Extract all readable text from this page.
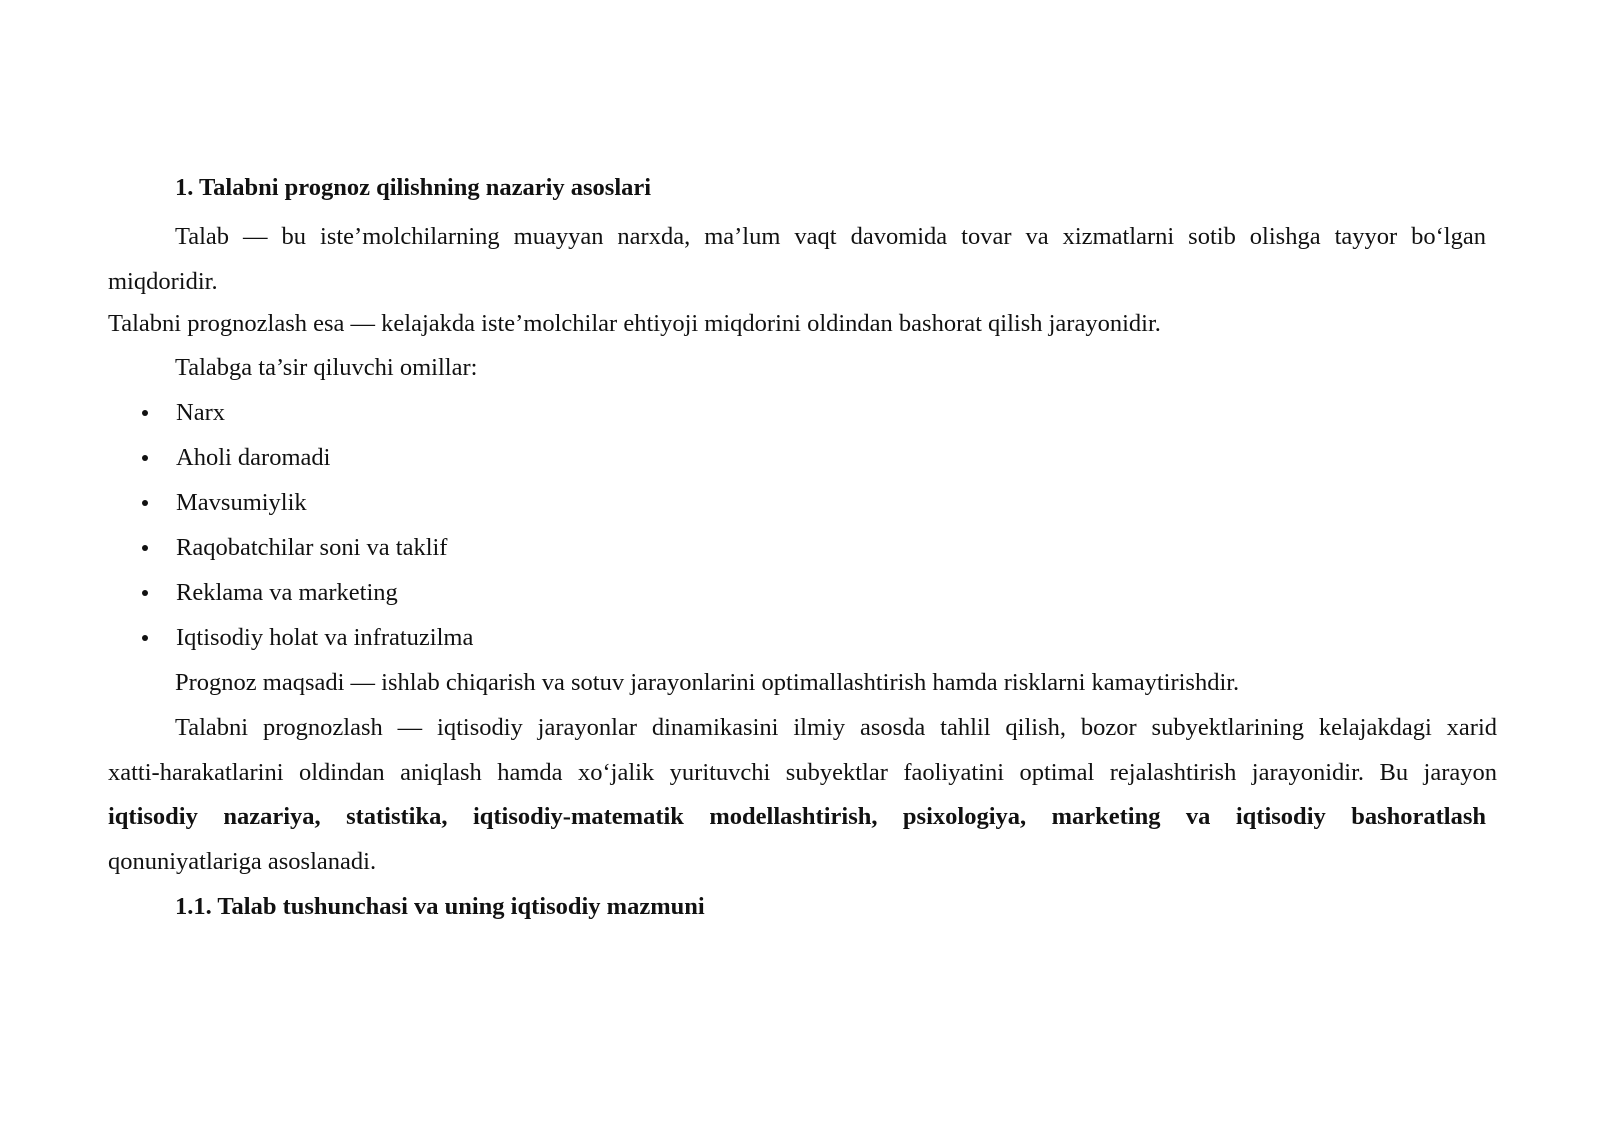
1. Talabni prognoz qilishning nazariy asoslari
Talab — bu iste’molchilarning muayyan narxda, ma’lum vaqt davomida tovar va xizmatlarni sotib olishga tayyor bo‘lgan
miqdoridir.
Talabni prognozlash esa — kelajakda iste’molchilar ehtiyoji miqdorini oldindan bashorat qilish jarayonidir.
Talabga ta’sir qiluvchi omillar:
Narx
Aholi daromadi
Mavsumiylik
Raqobatchilar soni va taklif
Reklama va marketing
Iqtisodiy holat va infratuzilma
Prognoz maqsadi — ishlab chiqarish va sotuv jarayonlarini optimallashtirish hamda risklarni kamaytirishdir.
Talabni prognozlash — iqtisodiy jarayonlar dinamikasini ilmiy asosda tahlil qilish, bozor subyektlarining kelajakdagi xarid
xatti-harakatlarini oldindan aniqlash hamda xo‘jalik yurituvchi subyektlar faoliyatini optimal rejalashtirish jarayonidir. Bu jarayon
iqtisodiy nazariya, statistika, iqtisodiy-matematik modellashtirish, psixologiya, marketing va iqtisodiy bashoratlash
qonuniyatlariga asoslanadi.
1.1. Talab tushunchasi va uning iqtisodiy mazmuni
